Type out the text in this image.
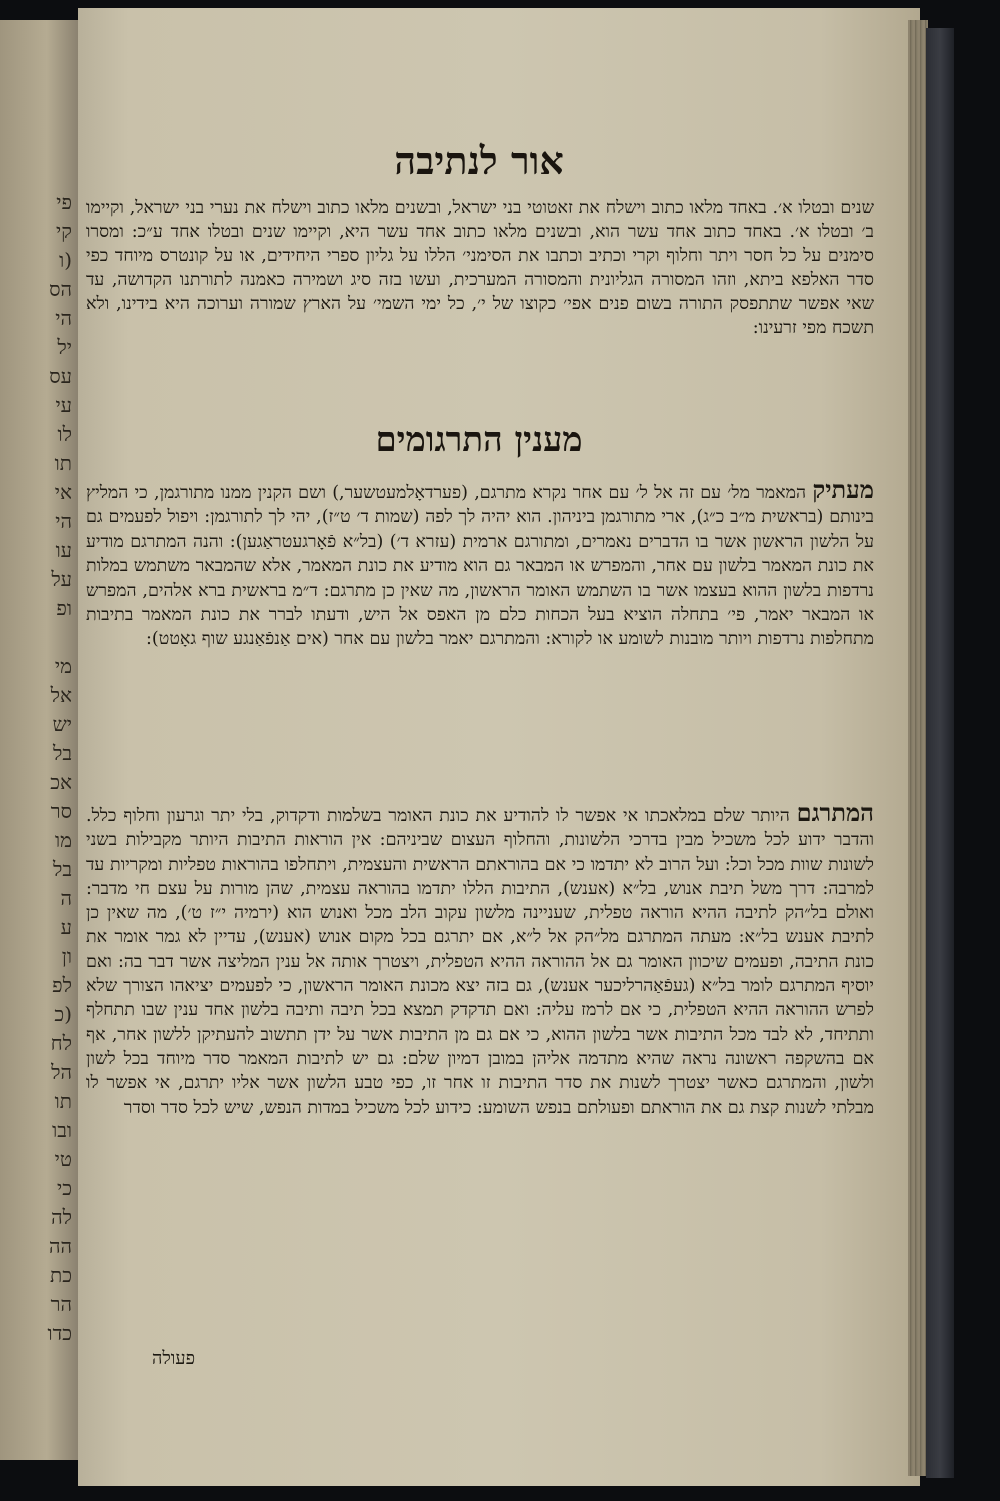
פי
קי
(ו
הס
הי
יל
עס
עי
לו
תו
אי
הי
עו
על
ופ
מי
אל
יש
בל
אכ
סר
מו
בל
ה
ע
ון
לפ
(כ
לח
הל
תו
ובו
טי
כי
לה
הה
כת
הר
כדו
אור לנתיבה

שנים ובטלו א׳. באחד מלאו כתוב וישלח את זאטוטי בני ישראל, ובשנים מלאו כתוב וישלח את נערי בני ישראל, וקיימו ב׳ ובטלו א׳. באחד כתוב אחד עשר הוא, ובשנים מלאו כתוב אחד עשר היא, וקיימו שנים ובטלו אחד ע״כ: ומסרו סימנים על כל חסר ויתר וחלוף וקרי וכתיב וכתבו את הסימני׳ הללו על גליון ספרי היחידים, או על קונטרס מיוחד כפי סדר האלפא ביתא, וזהו המסורה הגליונית והמסורה המערכית, ועשו בזה סיג ושמירה כאמנה לתורתנו הקדושה, עד שאי אפשר שתתפסק התורה בשום פנים אפי׳ כקוצו של י׳, כל ימי השמי׳ על הארץ שמורה וערוכה היא בידינו, ולא תשכח מפי זרעינו:

מענין התרגומים

מעתיק המאמר מל׳ עם זה אל ל׳ עם אחר נקרא מתרגם, (פערדאָלמעטשער,) ושם הקנין ממנו מתורגמן, כי המליץ בינותם (בראשית מ״ב כ״ג), ארי מתורגמן ביניהון. הוא יהיה לך לפה (שמות ד׳ ט״ז), יהי לך לתורגמן: ויפול לפעמים גם על הלשון הראשון אשר בו הדברים נאמרים, ומתורגם ארמית (עזרא ד׳) (בל״א פֿאָרגעטראַגען): והנה המתרגם מודיע את כונת המאמר בלשון עם אחר, והמפרש או המבאר גם הוא מודיע את כונת המאמר, אלא שהמבאר משתמש במלות נרדפות בלשון ההוא בעצמו אשר בו השתמש האומר הראשון, מה שאין כן מתרגם: ד״מ בראשית ברא אלהים, המפרש או המבאר יאמר, פי׳ בתחלה הוציא בעל הכחות כלם מן האפס אל היש, ודעתו לברר את כונת המאמר בתיבות מתחלפות נרדפות ויותר מובנות לשומע או לקורא: והמתרגם יאמר בלשון עם אחר (אים אַנפֿאַנגע שוף גאָטט):

המתרגם היותר שלם במלאכתו אי אפשר לו להודיע את כונת האומר בשלמות ודקדוק, בלי יתר וגרעון וחלוף כלל. והדבר ידוע לכל משכיל מבין בדרכי הלשונות, והחלוף העצום שביניהם: אין הוראות התיבות היותר מקבילות בשני לשונות שוות מכל וכל: ועל הרוב לא יתדמו כי אם בהוראתם הראשית והעצמית, ויתחלפו בהוראות טפליות ומקריות עד למרבה: דרך משל תיבת אנוש, בל״א (אענש), התיבות הללו יתדמו בהוראה עצמית, שהן מורות על עצם חי מדבר: ואולם בל״הק לתיבה ההיא הוראה טפלית, שעניינה מלשון עקוב הלב מכל ואנוש הוא (ירמיה י״ז ט׳), מה שאין כן לתיבת אענש בל״א: מעתה המתרגם מל״הק אל ל״א, אם יתרגם בכל מקום אנוש (אענש), עדיין לא גמר אומר את כונת התיבה, ופעמים שיכוון האומר גם אל ההוראה ההיא הטפלית, ויצטרך אותה אל ענין המליצה אשר דבר בה: ואם יוסיף המתרגם לומר בל״א (געפֿאַהרליכער אענש), גם בזה יצא מכונת האומר הראשון, כי לפעמים יציאהו הצורך שלא לפרש ההוראה ההיא הטפלית, כי אם לרמז עליה: ואם תדקדק תמצא בכל תיבה ותיבה בלשון אחד ענין שבו תתחלף ותתיחד, לא לבד מכל התיבות אשר בלשון ההוא, כי אם גם מן התיבות אשר על ידן תתשוב להעתיקן ללשון אחר, אף אם בהשקפה ראשונה נראה שהיא מתדמה אליהן במובן דמיון שלם: גם יש לתיבות המאמר סדר מיוחד בכל לשון ולשון, והמתרגם כאשר יצטרך לשנות את סדר התיבות זו אחר זו, כפי טבע הלשון אשר אליו יתרגם, אי אפשר לו מבלתי לשנות קצת גם את הוראתם ופעולתם בנפש השומע: כידוע לכל משכיל במדות הנפש, שיש לכל סדר וסדר

פעולה
